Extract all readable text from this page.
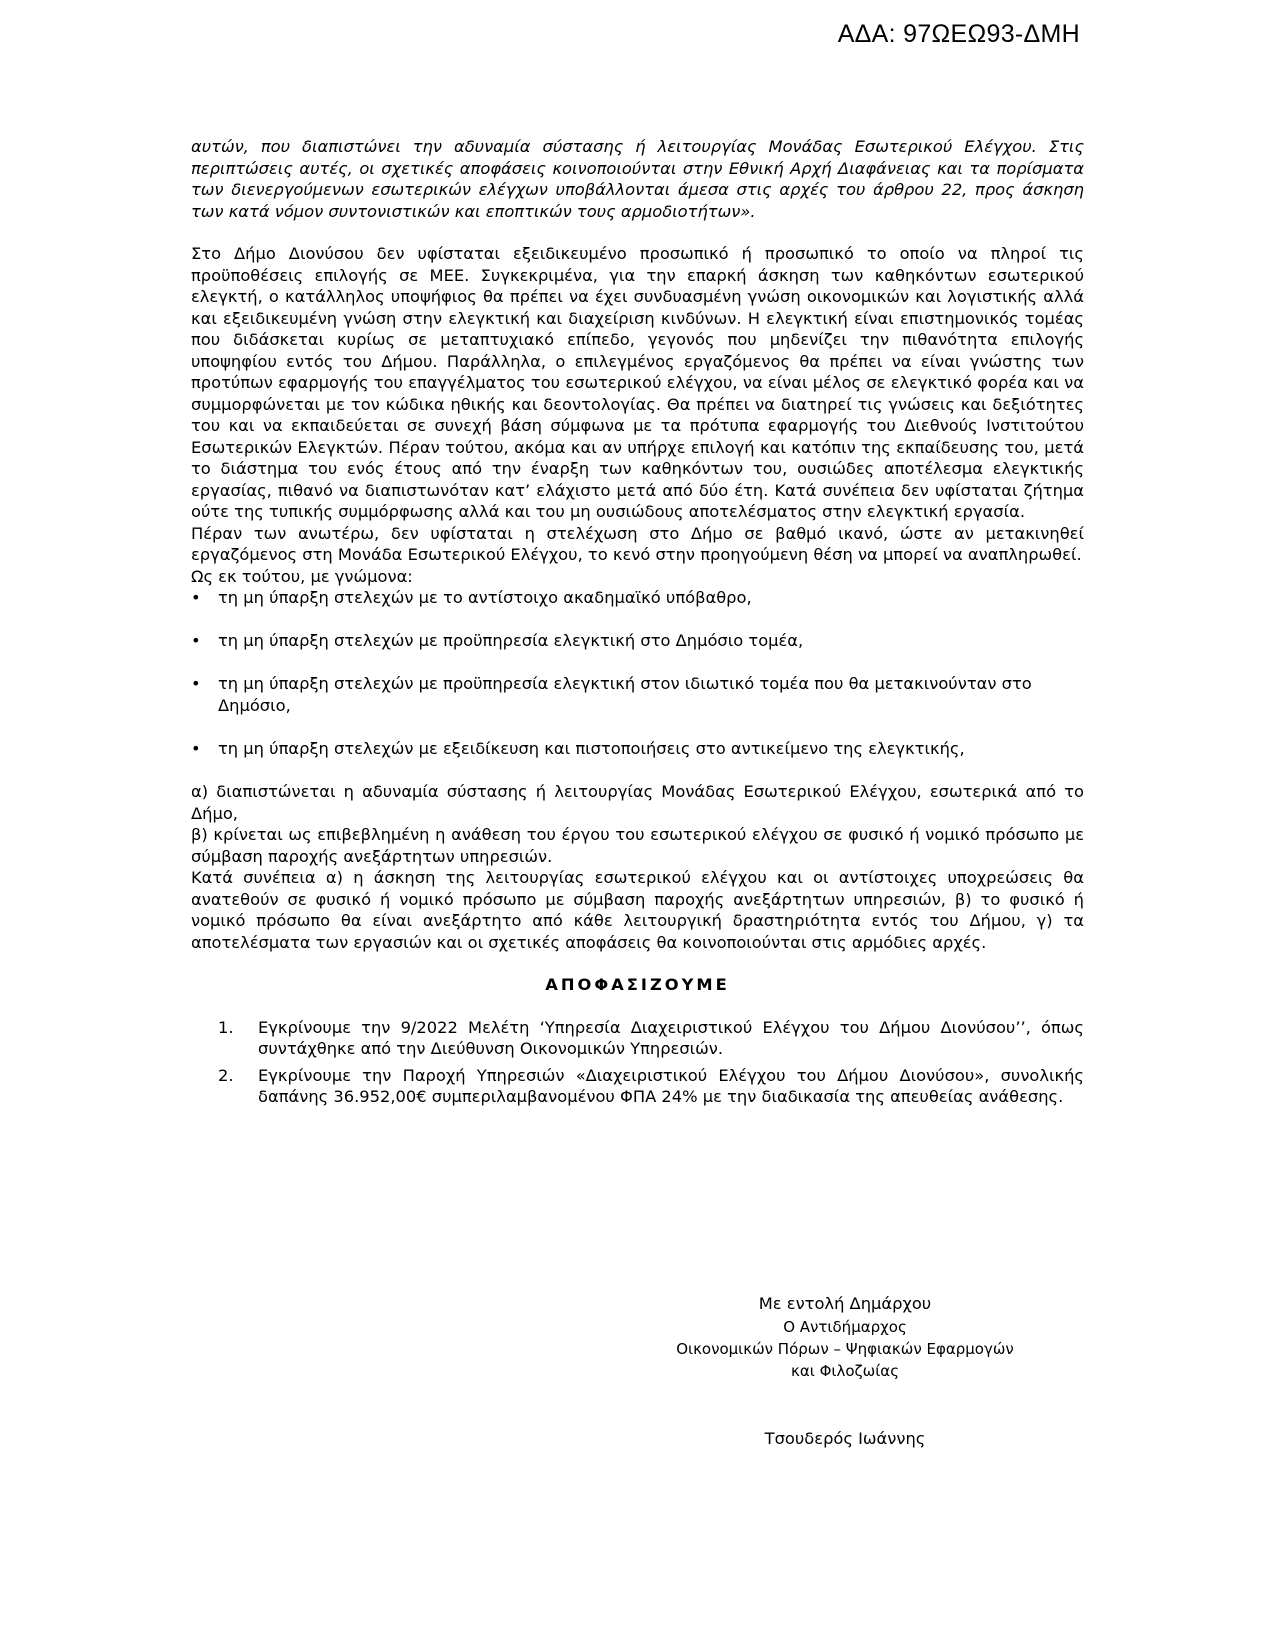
ΑΔΑ: 97ΩΕΩ93-ΔΜΗ

αυτών, που διαπιστώνει την αδυναμία σύστασης ή λειτουργίας Μονάδας Εσωτερικού Ελέγχου. Στις περιπτώσεις αυτές, οι σχετικές αποφάσεις κοινοποιούνται στην Εθνική Αρχή Διαφάνειας και τα πορίσματα των διενεργούμενων εσωτερικών ελέγχων υποβάλλονται άμεσα στις αρχές του άρθρου 22, προς άσκηση των κατά νόμον συντονιστικών και εποπτικών τους αρμοδιοτήτων».

Στο Δήμο Διονύσου δεν υφίσταται εξειδικευμένο προσωπικό ή προσωπικό το οποίο να πληροί τις προϋποθέσεις επιλογής σε ΜΕΕ. Συγκεκριμένα, για την επαρκή άσκηση των καθηκόντων εσωτερικού ελεγκτή, ο κατάλληλος υποψήφιος θα πρέπει να έχει συνδυασμένη γνώση οικονομικών και λογιστικής αλλά και εξειδικευμένη γνώση στην ελεγκτική και διαχείριση κινδύνων. Η ελεγκτική είναι επιστημονικός τομέας που διδάσκεται κυρίως σε μεταπτυχιακό επίπεδο, γεγονός που μηδενίζει την πιθανότητα επιλογής υποψηφίου εντός του Δήμου. Παράλληλα, ο επιλεγμένος εργαζόμενος θα πρέπει να είναι γνώστης των προτύπων εφαρμογής του επαγγέλματος του εσωτερικού ελέγχου, να είναι μέλος σε ελεγκτικό φορέα και να συμμορφώνεται με τον κώδικα ηθικής και δεοντολογίας. Θα πρέπει να διατηρεί τις γνώσεις και δεξιότητες του και να εκπαιδεύεται σε συνεχή βάση σύμφωνα με τα πρότυπα εφαρμογής του Διεθνούς Ινστιτούτου Εσωτερικών Ελεγκτών. Πέραν τούτου, ακόμα και αν υπήρχε επιλογή και κατόπιν της εκπαίδευσης του, μετά το διάστημα του ενός έτους από την έναρξη των καθηκόντων του, ουσιώδες αποτέλεσμα ελεγκτικής εργασίας, πιθανό να διαπιστωνόταν κατ’ ελάχιστο μετά από δύο έτη. Κατά συνέπεια δεν υφίσταται ζήτημα ούτε της τυπικής συμμόρφωσης αλλά και του μη ουσιώδους αποτελέσματος στην ελεγκτική εργασία.

Πέραν των ανωτέρω, δεν υφίσταται η στελέχωση στο Δήμο σε βαθμό ικανό, ώστε αν μετακινηθεί εργαζόμενος στη Μονάδα Εσωτερικού Ελέγχου, το κενό στην προηγούμενη θέση να μπορεί να αναπληρωθεί.

Ως εκ τούτου, με γνώμονα:

• τη μη ύπαρξη στελεχών με το αντίστοιχο ακαδημαϊκό υπόβαθρο,
• τη μη ύπαρξη στελεχών με προϋπηρεσία ελεγκτική στο Δημόσιο τομέα,
• τη μη ύπαρξη στελεχών με προϋπηρεσία ελεγκτική στον ιδιωτικό τομέα που θα μετακινούνταν στο Δημόσιο,
• τη μη ύπαρξη στελεχών με εξειδίκευση και πιστοποιήσεις στο αντικείμενο της ελεγκτικής,

α) διαπιστώνεται η αδυναμία σύστασης ή λειτουργίας Μονάδας Εσωτερικού Ελέγχου, εσωτερικά από το Δήμο,

β) κρίνεται ως επιβεβλημένη η ανάθεση του έργου του εσωτερικού ελέγχου σε φυσικό ή νομικό πρόσωπο με σύμβαση παροχής ανεξάρτητων υπηρεσιών.

Κατά συνέπεια α) η άσκηση της λειτουργίας εσωτερικού ελέγχου και οι αντίστοιχες υποχρεώσεις θα ανατεθούν σε φυσικό ή νομικό πρόσωπο με σύμβαση παροχής ανεξάρτητων υπηρεσιών, β) το φυσικό ή νομικό πρόσωπο θα είναι ανεξάρτητο από κάθε λειτουργική δραστηριότητα εντός του Δήμου, γ) τα αποτελέσματα των εργασιών και οι σχετικές αποφάσεις θα κοινοποιούνται στις αρμόδιες αρχές.

ΑΠΟΦΑΣΙΖΟΥΜΕ
1. Εγκρίνουμε την 9/2022 Μελέτη ‘Υπηρεσία Διαχειριστικού Ελέγχου του Δήμου Διονύσου’’, όπως συντάχθηκε από την Διεύθυνση Οικονομικών Υπηρεσιών.
2. Εγκρίνουμε την Παροχή Υπηρεσιών «Διαχειριστικού Ελέγχου του Δήμου Διονύσου», συνολικής δαπάνης 36.952,00€ συμπεριλαμβανομένου ΦΠΑ 24% με την διαδικασία της απευθείας ανάθεσης.
Με εντολή Δημάρχου
Ο Αντιδήμαρχος
Οικονομικών Πόρων – Ψηφιακών Εφαρμογών
και Φιλοζωίας
Τσουδερός Ιωάννης
